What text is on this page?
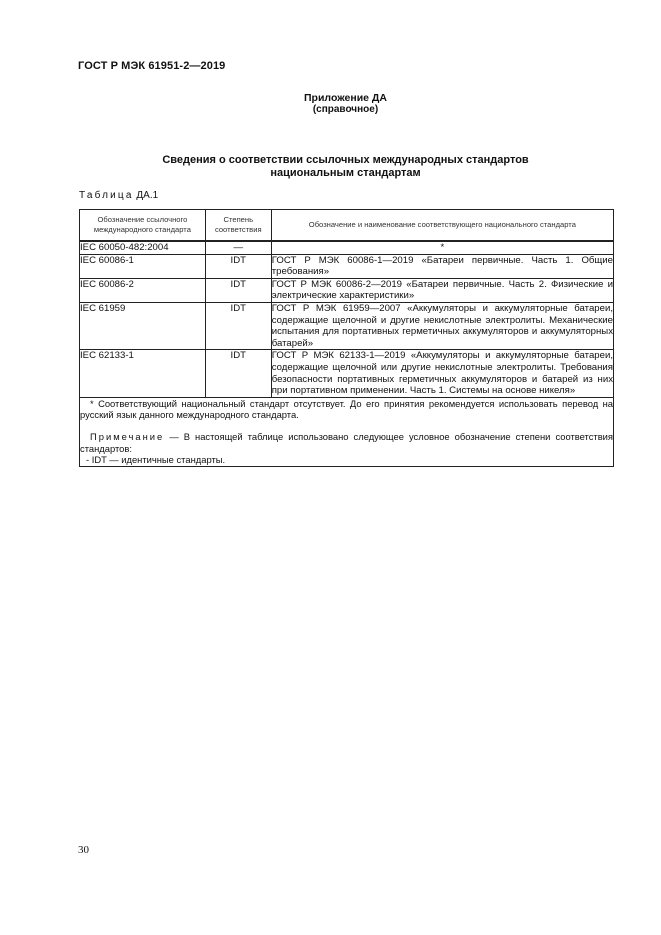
ГОСТ Р МЭК 61951-2—2019
Приложение ДА
(справочное)
Сведения о соответствии ссылочных международных стандартов
национальным стандартам
Таблица ДА.1
Обозначение ссылочного международного стандарта	Степень соответствия	Обозначение и наименование соответствующего национального стандарта
IEC 60050-482:2004	—	*
IEC 60086-1	IDT	ГОСТ Р МЭК 60086-1—2019 «Батареи первичные. Часть 1. Общие требования»
IEC 60086-2	IDT	ГОСТ Р МЭК 60086-2—2019 «Батареи первичные. Часть 2. Физические и электрические характеристики»
IEC 61959	IDT	ГОСТ Р МЭК 61959—2007 «Аккумуляторы и аккумуляторные батареи, содержащие щелочной и другие некислотные электролиты. Механические испытания для портативных герметичных аккумуляторов и аккумуляторных батарей»
IEC 62133-1	IDT	ГОСТ Р МЭК 62133-1—2019 «Аккумуляторы и аккумуляторные батареи, содержащие щелочной или другие некислотные электролиты. Требования безопасности портативных герметичных аккумуляторов и батарей из них при портативном применении. Часть 1. Системы на основе никеля»

* Соответствующий национальный стандарт отсутствует. До его принятия рекомендуется использовать перевод на русский язык данного международного стандарта.
Примечание — В настоящей таблице использовано следующее условное обозначение степени соответствия стандартов:
- IDT — идентичные стандарты.		
30
